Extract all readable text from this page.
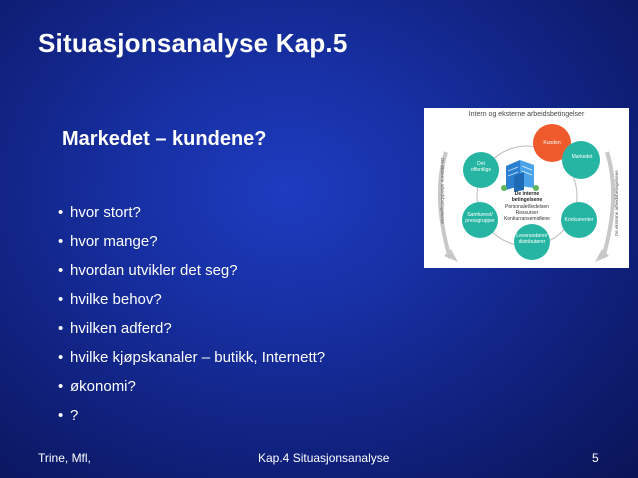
Situasjonsanalyse Kap.5
Markedet – kundene?
• hvor stort?
• hvor mange?
• hvordan utvikler det seg?
• hvilke behov?
• hvilken adferd?
• hvilke kjøpskanaler – butikk, Internett?
• økonomi?
• ?
Intern og eksterne arbeidsbetingelser
De eksterne arbeidsbetingelsene	De eksterne arbeidsbetingelsene
Kunden
Markedet
Det offentlige
Samfunnet/ pressgrupper	Konkurrenter
Leverandører/ distributører
De interne betingelsene
Personalet/ledelsen
Ressurser
Konkurransemidlene
Trine, Mfl,	Kap.4 Situasjonsanalyse	5
